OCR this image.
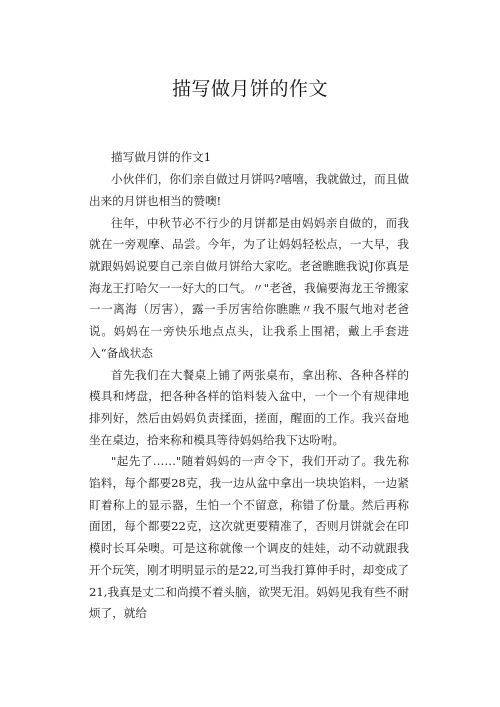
描写做月饼的作文

描写做月饼的作文1

小伙伴们，你们亲自做过月饼吗?嘻嘻，我就做过，而且做出来的月饼也相当的赞噢!

往年，中秋节必不行少的月饼都是由妈妈亲自做的，而我就在一旁观摩、品尝。今年，为了让妈妈轻松点，一大早，我就跟妈妈说要自己亲自做月饼给大家吃。老爸瞧瞧我说J你真是海龙王打哈欠一一好大的口气。〃"老爸，我偏要海龙王爷搬家一一离海（厉害），露一手厉害给你瞧瞧〃我不服气地对老爸说。妈妈在一旁快乐地点点头，让我系上围裙，戴上手套进入“备战状态

首先我们在大餐桌上铺了两张桌布，拿出称、各种各样的模具和烤盘，把各种各样的馅料装入盆中，一个一个有规律地排列好，然后由妈妈负责揉面，搓面，醒面的工作。我兴奋地坐在桌边，拾来称和模具等待妈妈给我下达吩咐。

"起先了……"随着妈妈的一声令下，我们开动了。我先称馅料，每个都要28克，我一边从盆中拿出一块块馅料，一边紧盯着称上的显示器，生怕一个不留意，称错了份量。然后再称面团，每个都要22克，这次就更要精准了，否则月饼就会在印模时长耳朵噢。可是这称就像一个调皮的娃娃，动不动就跟我开个玩笑，刚才明明显示的是22,可当我打算伸手时，却变成了21,我真是丈二和尚摸不着头脑，欲哭无泪。妈妈见我有些不耐烦了，就给
